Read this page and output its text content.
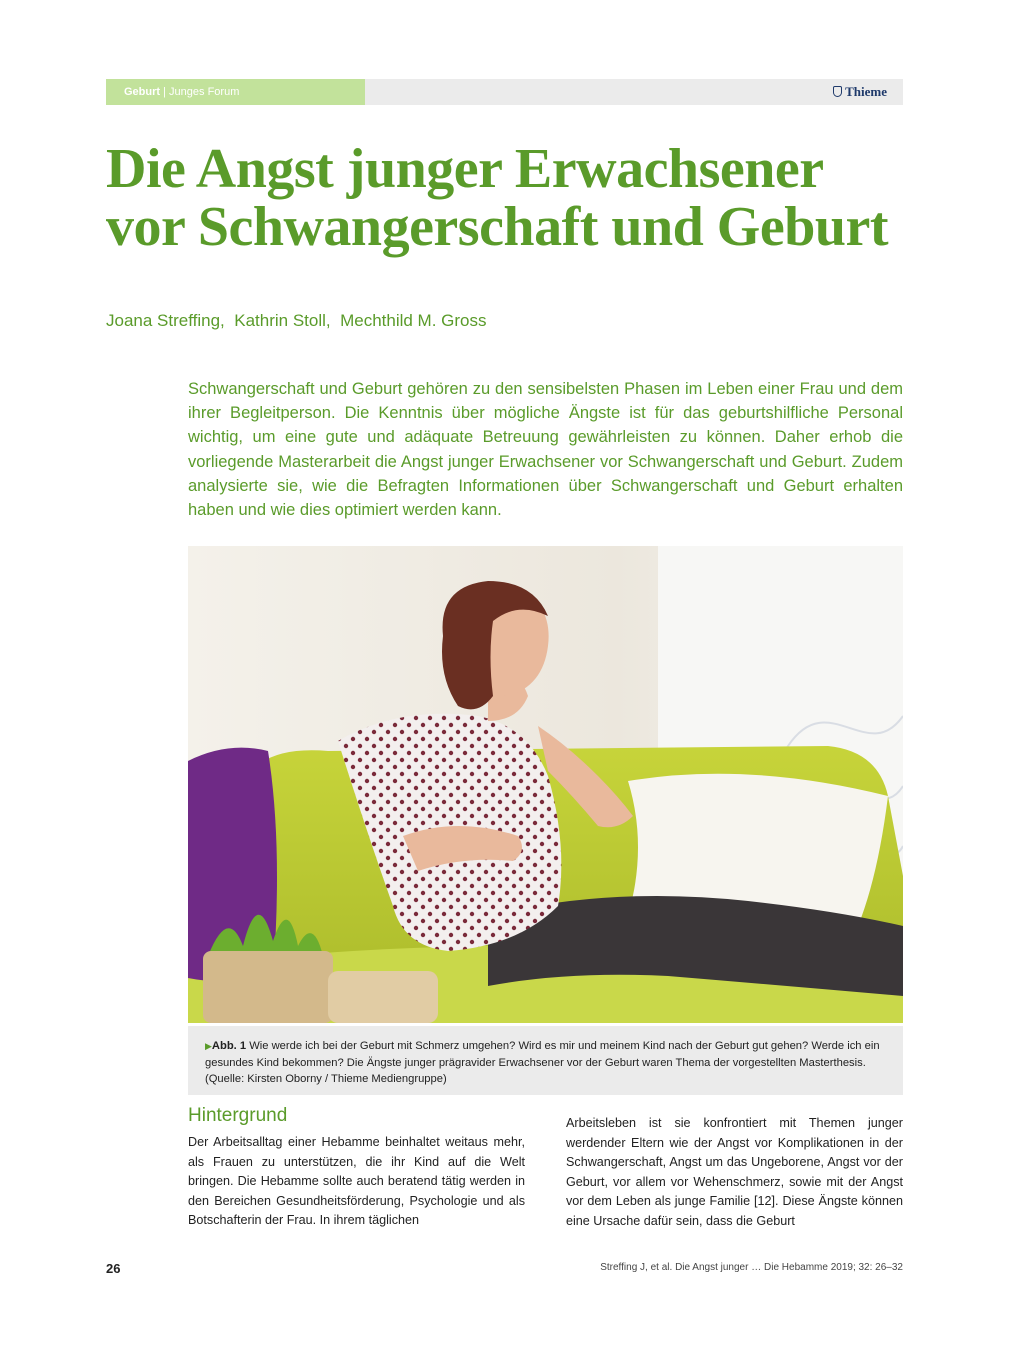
Geburt | Junges Forum	Thieme
Die Angst junger Erwachsener vor Schwangerschaft und Geburt
Joana Streffing, Kathrin Stoll, Mechthild M. Gross

Schwangerschaft und Geburt gehören zu den sensibelsten Phasen im Leben einer Frau und dem ihrer Begleitperson. Die Kenntnis über mögliche Ängste ist für das geburtshilfliche Personal wichtig, um eine gute und adäquate Betreuung gewährleisten zu können. Daher erhob die vorliegende Masterarbeit die Angst junger Erwachsener vor Schwangerschaft und Geburt. Zudem analysierte sie, wie die Befragten Informationen über Schwangerschaft und Geburt erhalten haben und wie dies optimiert werden kann.

▶Abb. 1 Wie werde ich bei der Geburt mit Schmerz umgehen? Wird es mir und meinem Kind nach der Geburt gut gehen? Werde ich ein gesundes Kind bekommen? Die Ängste junger prägravider Erwachsener vor der Geburt waren Thema der vorgestellten Masterthesis. (Quelle: Kirsten Oborny / Thieme Mediengruppe)
Hintergrund

Der Arbeitsalltag einer Hebamme beinhaltet weitaus mehr, als Frauen zu unterstützen, die ihr Kind auf die Welt bringen. Die Hebamme sollte auch beratend tätig werden in den Bereichen Gesundheitsförderung, Psychologie und als Botschafterin der Frau. In ihrem täglichen

Arbeitsleben ist sie konfrontiert mit Themen junger werdender Eltern wie der Angst vor Komplikationen in der Schwangerschaft, Angst um das Ungeborene, Angst vor der Geburt, vor allem vor Wehenschmerz, sowie mit der Angst vor dem Leben als junge Familie [12]. Diese Ängste können eine Ursache dafür sein, dass die Geburt

26	Streffing J, et al. Die Angst junger … Die Hebamme 2019; 32: 26–32
